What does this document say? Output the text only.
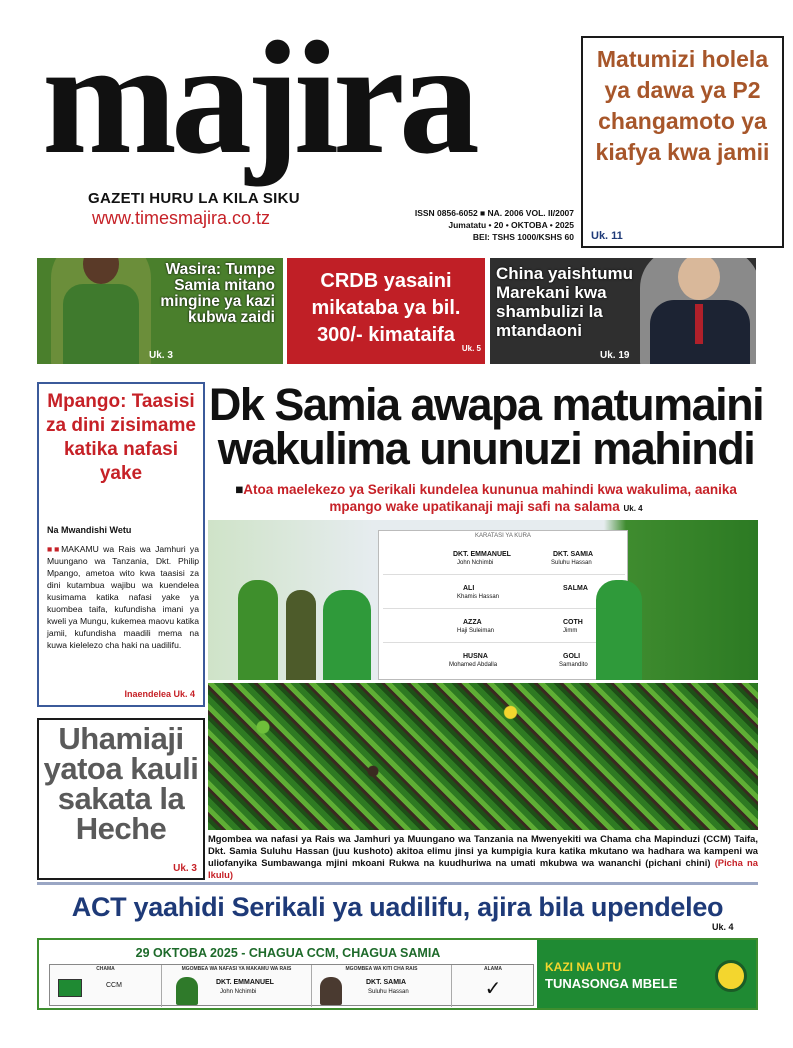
majira
GAZETI HURU LA KILA SIKU
www.timesmajira.co.tz	ISSN 0856-6052 ■ NA. 2006 VOL. II/2007
Jumatatu • 20 • OKTOBA • 2025
BEI: TSHS 1000/KSHS 60
Matumizi holela ya dawa ya P2 changamoto ya kiafya kwa jamii
Uk. 11
Wasira: Tumpe Samia mitano mingine ya kazi kubwa zaidi
Uk. 3
CRDB yasaini mikataba ya bil. 300/- kimataifa
Uk. 5
China yaishtumu Marekani kwa shambulizi la mtandaoni
Uk. 19
Mpango: Taasisi za dini zisimame katika nafasi yake
Na Mwandishi Wetu
■■MAKAMU wa Rais wa Jamhuri ya Muungano wa Tanzania, Dkt. Philip Mpango, ametoa wito kwa taasisi za dini kutambua wajibu wa kuendelea kusimama katika nafasi yake ya kuombea taifa, kufundisha imani ya kweli ya Mungu, kukemea maovu katika jamii, kufundisha maadili mema na kuwa kielelezo cha haki na uadilifu.
Inaendelea Uk. 4
Uhamiaji yatoa kauli sakata la Heche
Uk. 3
Dk Samia awapa matumaini wakulima ununuzi mahindi
■Atoa maelekezo ya Serikali kundelea kununua mahindi kwa wakulima, aanika mpango wake upatikanaji maji safi na salama Uk. 4
KARATASI YA KURA
DKT. EMMANUEL
John Nchimbi
DKT. SAMIA
Suluhu Hassan
ALI
Khamis Hassan
SALMA
AZZA
Haji Suleiman
COTH
Jimm
HUSNA
Mohamed Abdalla
GOLI
Samandito
Mgombea wa nafasi ya Rais wa Jamhuri ya Muungano wa Tanzania na Mwenyekiti wa Chama cha Mapinduzi (CCM) Taifa, Dkt. Samia Suluhu Hassan (juu kushoto) akitoa elimu jinsi ya kumpigia kura katika mkutano wa hadhara wa kampeni wa uliofanyika Sumbawanga mjini mkoani Rukwa na kuudhuriwa na umati mkubwa wa wananchi (pichani chini) (Picha na Ikulu)
ACT yaahidi Serikali ya uadilifu, ajira bila upendeleo
Uk. 4
29 OKTOBA 2025 - CHAGUA CCM, CHAGUA SAMIA
CHAMA
CCM
MGOMBEA WA NAFASI YA MAKAMU WA RAIS
DKT. EMMANUEL
John Nchimbi
MGOMBEA WA KITI CHA RAIS
DKT. SAMIA
Suluhu Hassan
ALAMA
✓
KAZI NA UTU
TUNASONGA MBELE
